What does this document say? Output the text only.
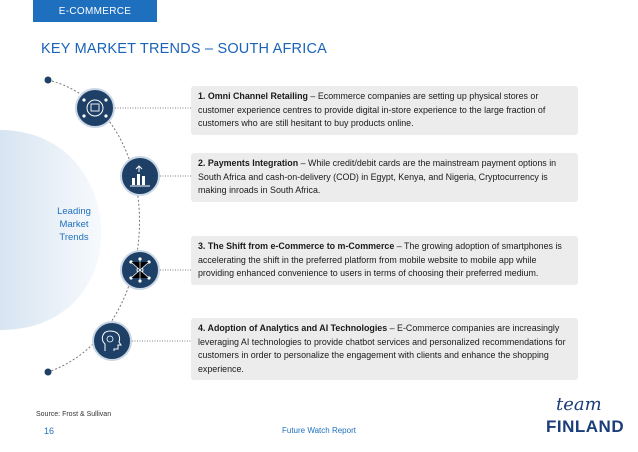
E-COMMERCE
KEY MARKET TRENDS – SOUTH AFRICA
Leading
Market
Trends
1. Omni Channel Retailing – Ecommerce companies are setting up physical stores or customer experience centres to provide digital in-store experience to the large fraction of customers who are still hesitant to buy products online.
2. Payments Integration – While credit/debit cards are the mainstream payment options in South Africa and cash-on-delivery (COD) in Egypt, Kenya, and Nigeria, Cryptocurrency is making inroads in South Africa.
3. The Shift from e-Commerce to m-Commerce – The growing adoption of smartphones is accelerating the shift in the preferred platform from mobile website to mobile app while providing enhanced convenience to users in terms of choosing their preferred medium.
4. Adoption of Analytics and AI Technologies – E-Commerce companies are increasingly leveraging AI technologies to provide chatbot services and personalized recommendations for customers in order to personalize the engagement with clients and enhance the shopping experience.
Source: Frost & Sullivan
16	Future Watch Report
team
FINLAND
